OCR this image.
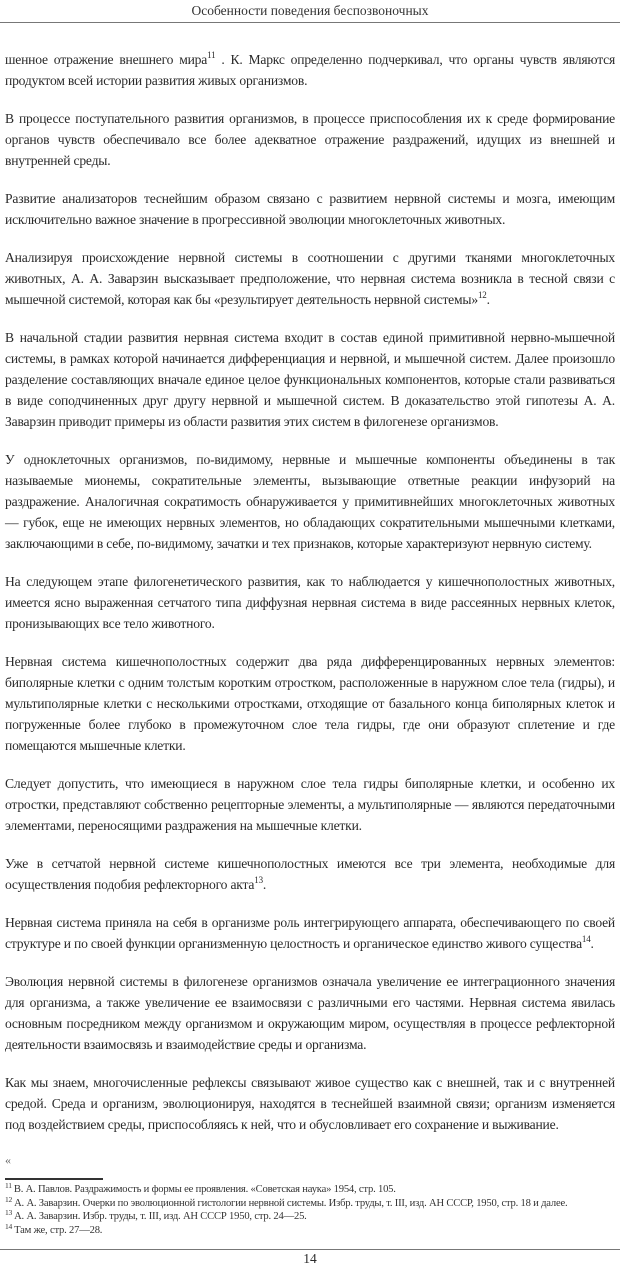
Особенности поведения беспозвоночных

шенное отражение внешнего мира$^{11}$ . К. Маркс определенно подчеркивал, что органы чувств являются продуктом всей истории развития живых организмов.

В процессе поступательного развития организмов, в процессе приспособления их к среде формирование органов чувств обеспечивало все более адекватное отражение раздражений, идущих из внешней и внутренней среды.

Развитие анализаторов теснейшим образом связано с развитием нервной системы и мозга, имеющим исключительно важное значение в прогрессивной эволюции многоклеточных животных.

Анализируя происхождение нервной системы в соотношении с другими тканями многоклеточных животных, А. А. Заварзин высказывает предположение, что нервная система возникла в тесной связи с мышечной системой, которая как бы «результирует деятельность нервной системы»$^{12}$.

В начальной стадии развития нервная система входит в состав единой примитивной нервно-мышечной системы, в рамках которой начинается дифференциация и нервной, и мышечной систем. Далее произошло разделение составляющих вначале единое целое функциональных компонентов, которые стали развиваться в виде соподчиненных друг другу нервной и мышечной систем. В доказательство этой гипотезы А. А. Заварзин приводит примеры из области развития этих систем в филогенезе организмов.

У одноклеточных организмов, по-видимому, нервные и мышечные компоненты объединены в так называемые мионемы, сократительные элементы, вызывающие ответные реакции инфузорий на раздражение. Аналогичная сократимость обнаруживается у примитивнейших многоклеточных животных — губок, еще не имеющих нервных элементов, но обладающих сократительными мышечными клетками, заключающими в себе, по-видимому, зачатки и тех признаков, которые характеризуют нервную систему.

На следующем этапе филогенетического развития, как то наблюдается у кишечнополостных животных, имеется ясно выраженная сетчатого типа диффузная нервная система в виде рассеянных нервных клеток, пронизывающих все тело животного.

Нервная система кишечнополостных содержит два ряда дифференцированных нервных элементов: биполярные клетки с одним толстым коротким отростком, расположенные в наружном слое тела (гидры), и мультиполярные клетки с несколькими отростками, отходящие от базального конца биполярных клеток и погруженные более глубоко в промежуточном слое тела гидры, где они образуют сплетение и где помещаются мышечные клетки.

Следует допустить, что имеющиеся в наружном слое тела гидры биполярные клетки, и особенно их отростки, представляют собственно рецепторные элементы, а мультиполярные — являются передаточными элементами, переносящими раздражения на мышечные клетки.

Уже в сетчатой нервной системе кишечнополостных имеются все три элемента, необходимые для осуществления подобия рефлекторного акта$^{13}$.

Нервная система приняла на себя в организме роль интегрирующего аппарата, обеспечивающего по своей структуре и по своей функции организменную целостность и органическое единство живого существа$^{14}$.

Эволюция нервной системы в филогенезе организмов означала увеличение ее интеграционного значения для организма, а также увеличение ее взаимосвязи с различными его частями. Нервная система явилась основным посредником между организмом и окружающим миром, осуществляя в процессе рефлекторной деятельности взаимосвязь и взаимодействие среды и организма.

Как мы знаем, многочисленные рефлексы связывают живое существо как с внешней, так и с внутренней средой. Среда и организм, эволюционируя, находятся в теснейшей взаимной связи; организм изменяется под воздействием среды, приспособляясь к ней, что и обусловливает его сохранение и выживание.

«
$^{11}$ В. А. Павлов. Раздражимость и формы ее проявления. «Советская наука» 1954, стр. 105.
$^{12}$ А. А. Заварзин. Очерки по эволюционной гистологии нервной системы. Избр. труды, т. III, изд. АН СССР, 1950, стр. 18 и далее.
$^{13}$ А. А. Заварзин. Избр. труды, т. III, изд. АН СССР 1950, стр. 24—25.
$^{14}$ Там же, стр. 27—28.
14
